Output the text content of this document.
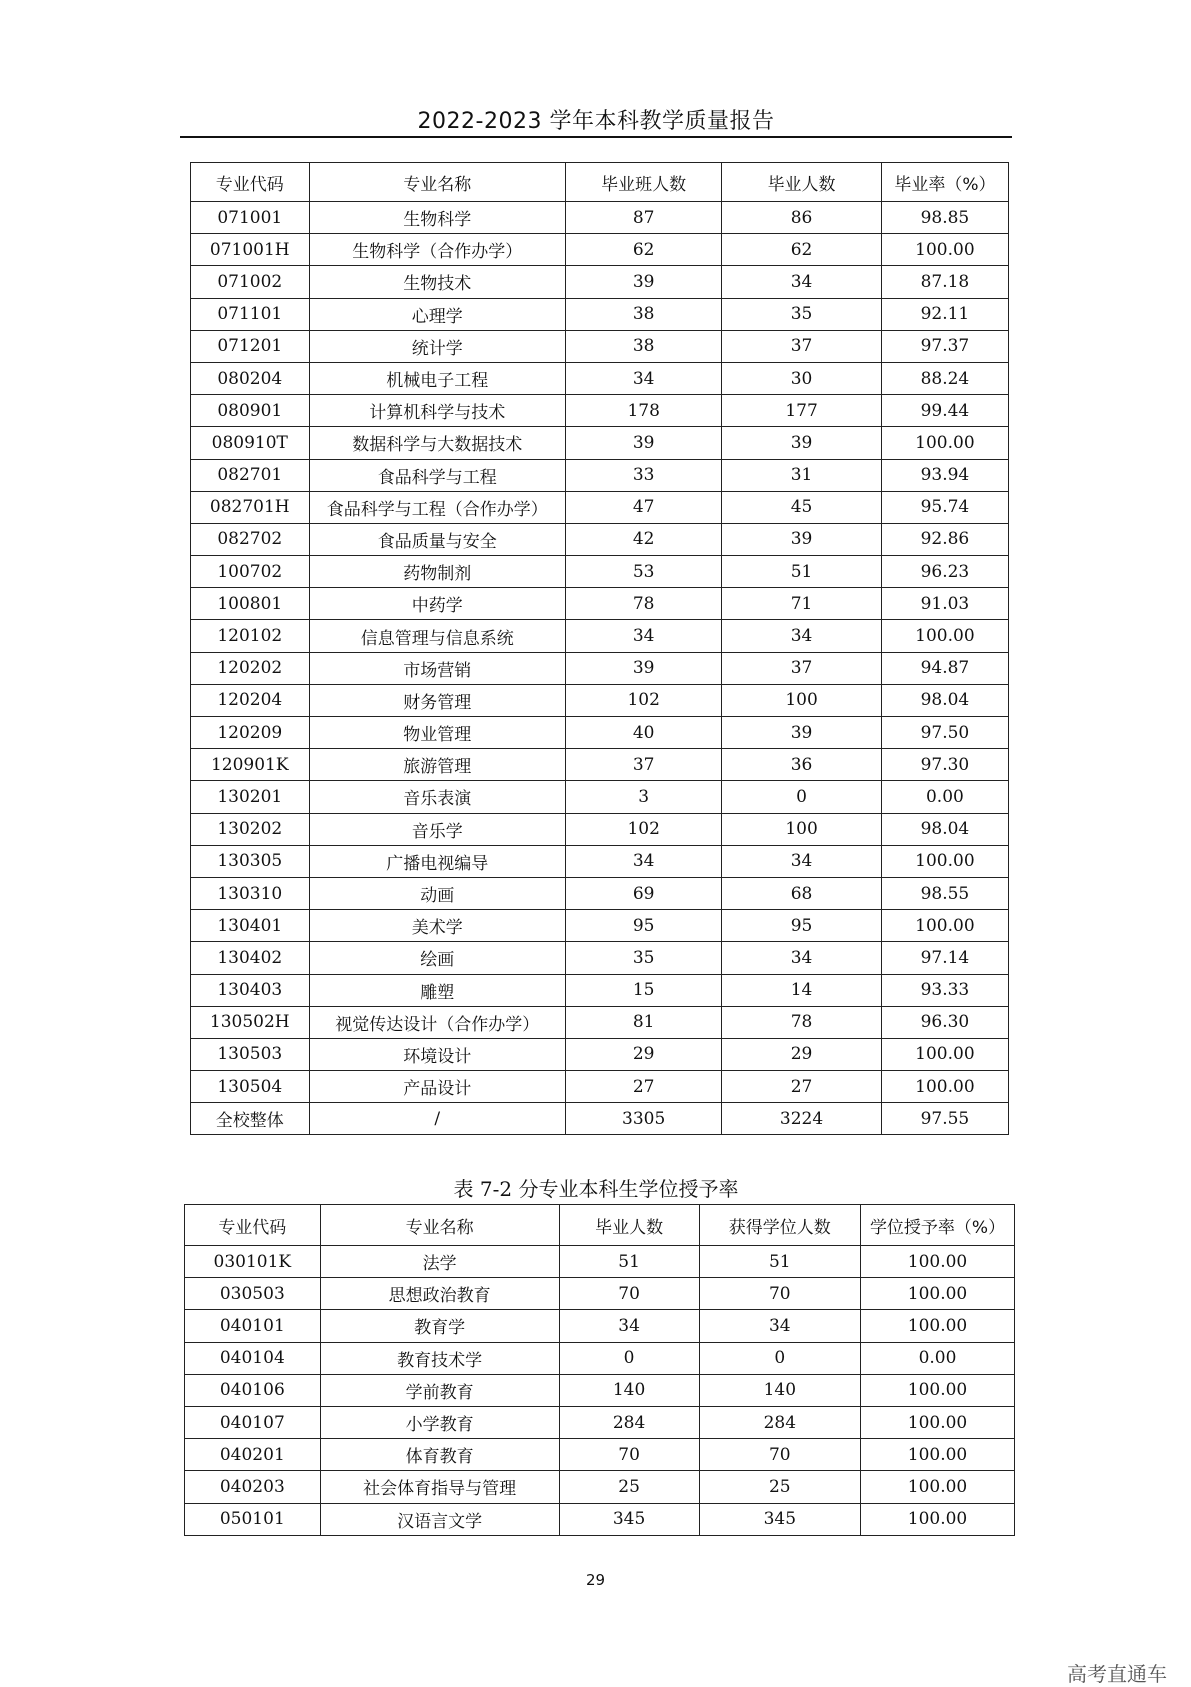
2022-2023 学年本科教学质量报告
专业代码	专业名称	毕业班人数	毕业人数	毕业率（%）
071001	生物科学	87	86	98.85
071001H	生物科学（合作办学）	62	62	100.00
071002	生物技术	39	34	87.18
071101	心理学	38	35	92.11
071201	统计学	38	37	97.37
080204	机械电子工程	34	30	88.24
080901	计算机科学与技术	178	177	99.44
080910T	数据科学与大数据技术	39	39	100.00
082701	食品科学与工程	33	31	93.94
082701H	食品科学与工程（合作办学）	47	45	95.74
082702	食品质量与安全	42	39	92.86
100702	药物制剂	53	51	96.23
100801	中药学	78	71	91.03
120102	信息管理与信息系统	34	34	100.00
120202	市场营销	39	37	94.87
120204	财务管理	102	100	98.04
120209	物业管理	40	39	97.50
120901K	旅游管理	37	36	97.30
130201	音乐表演	3	0	0.00
130202	音乐学	102	100	98.04
130305	广播电视编导	34	34	100.00
130310	动画	69	68	98.55
130401	美术学	95	95	100.00
130402	绘画	35	34	97.14
130403	雕塑	15	14	93.33
130502H	视觉传达设计（合作办学）	81	78	96.30
130503	环境设计	29	29	100.00
130504	产品设计	27	27	100.00
全校整体	/	3305	3224	97.55
表 7-2 分专业本科生学位授予率
专业代码	专业名称	毕业人数	获得学位人数	学位授予率（%）
030101K	法学	51	51	100.00
030503	思想政治教育	70	70	100.00
040101	教育学	34	34	100.00
040104	教育技术学	0	0	0.00
040106	学前教育	140	140	100.00
040107	小学教育	284	284	100.00
040201	体育教育	70	70	100.00
040203	社会体育指导与管理	25	25	100.00
050101	汉语言文学	345	345	100.00
29
高考直通车
